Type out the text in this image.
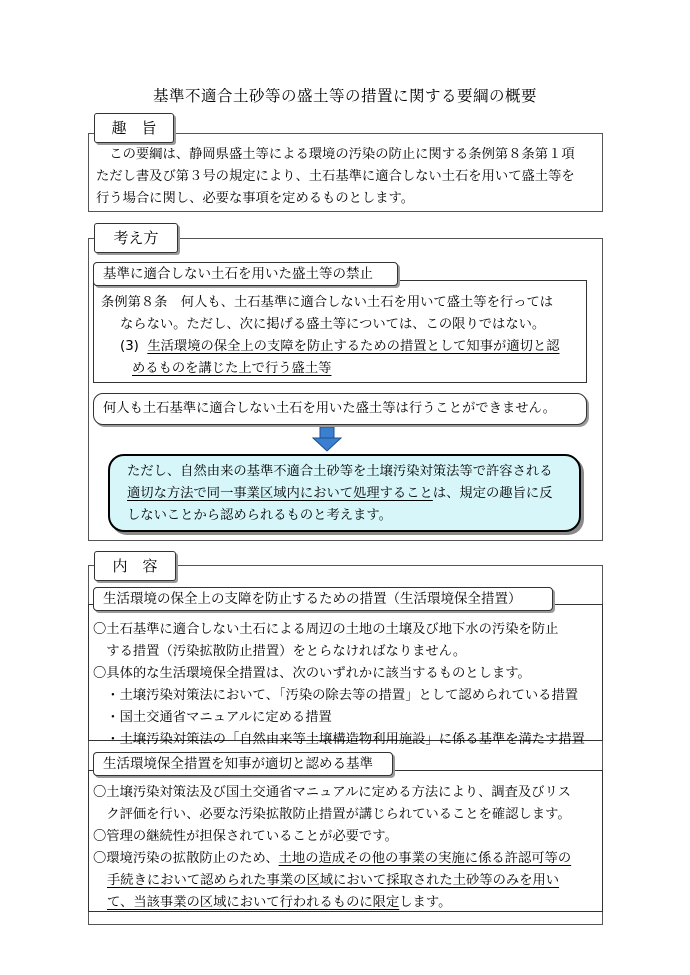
基準不適合土砂等の盛土等の措置に関する要綱の概要
　この要綱は、静岡県盛土等による環境の汚染の防止に関する条例第８条第１項
ただし書及び第３号の規定により、土石基準に適合しない土石を用いて盛土等を
行う場合に関し、必要な事項を定めるものとします。
趣　旨
考え方
条例第８条　何人も、土石基準に適合しない土石を用いて盛土等を行っては
ならない。ただし、次に掲げる盛土等については、この限りではない。
(3) 生活環境の保全上の支障を防止するための措置として知事が適切と認
めるものを講じた上で行う盛土等
基準に適合しない土石を用いた盛土等の禁止
何人も土石基準に適合しない土石を用いた盛土等は行うことができません。
ただし、自然由来の基準不適合土砂等を土壌汚染対策法等で許容される
適切な方法で同一事業区域内において処理することは、規定の趣旨に反
しないことから認められるものと考えます。
内　容
〇土石基準に適合しない土石による周辺の土地の土壌及び地下水の汚染を防止
　する措置（汚染拡散防止措置）をとらなければなりません。
〇具体的な生活環境保全措置は、次のいずれかに該当するものとします。
　・土壌汚染対策法において、「汚染の除去等の措置」として認められている措置
　・国土交通省マニュアルに定める措置
　・土壌汚染対策法の「自然由来等土壌構造物利用施設」に係る基準を満たす措置
生活環境の保全上の支障を防止するための措置（生活環境保全措置）
〇土壌汚染対策法及び国土交通省マニュアルに定める方法により、調査及びリス
　ク評価を行い、必要な汚染拡散防止措置が講じられていることを確認します。
〇管理の継続性が担保されていることが必要です。
〇環境汚染の拡散防止のため、土地の造成その他の事業の実施に係る許認可等の
手続きにおいて認められた事業の区域において採取された土砂等のみを用い
て、当該事業の区域において行われるものに限定します。
生活環境保全措置を知事が適切と認める基準
